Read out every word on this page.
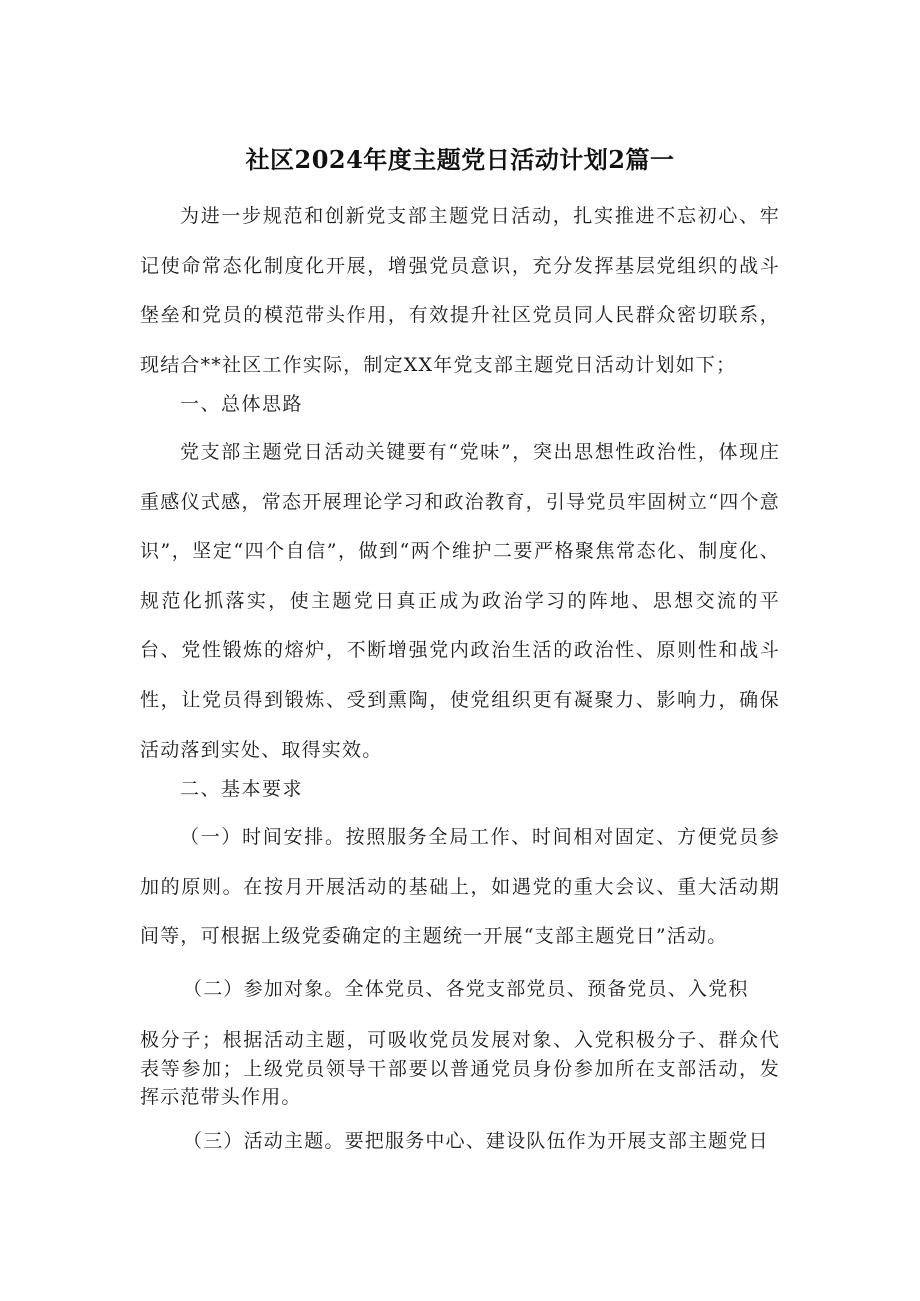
社区2024年度主题党日活动计划2篇一

为进一步规范和创新党支部主题党日活动，扎实推进不忘初心、牢记使命常态化制度化开展，增强党员意识，充分发挥基层党组织的战斗堡垒和党员的模范带头作用，有效提升社区党员同人民群众密切联系，现结合**社区工作实际，制定XX年党支部主题党日活动计划如下；

一、总体思路

党支部主题党日活动关键要有“党味”，突出思想性政治性，体现庄重感仪式感，常态开展理论学习和政治教育，引导党员牢固树立“四个意识”，坚定“四个自信”，做到“两个维护二要严格聚焦常态化、制度化、规范化抓落实，使主题党日真正成为政治学习的阵地、思想交流的平台、党性锻炼的熔炉，不断增强党内政治生活的政治性、原则性和战斗性，让党员得到锻炼、受到熏陶，使党组织更有凝聚力、影响力，确保活动落到实处、取得实效。

二、基本要求

（一）时间安排。按照服务全局工作、时间相对固定、方便党员参加的原则。在按月开展活动的基础上，如遇党的重大会议、重大活动期间等，可根据上级党委确定的主题统一开展“支部主题党日”活动。

（二）参加对象。全体党员、各党支部党员、预备党员、入党积

极分子；根据活动主题，可吸收党员发展对象、入党积极分子、群众代表等参加；上级党员领导干部要以普通党员身份参加所在支部活动，发挥示范带头作用。

（三）活动主题。要把服务中心、建设队伍作为开展支部主题党日
